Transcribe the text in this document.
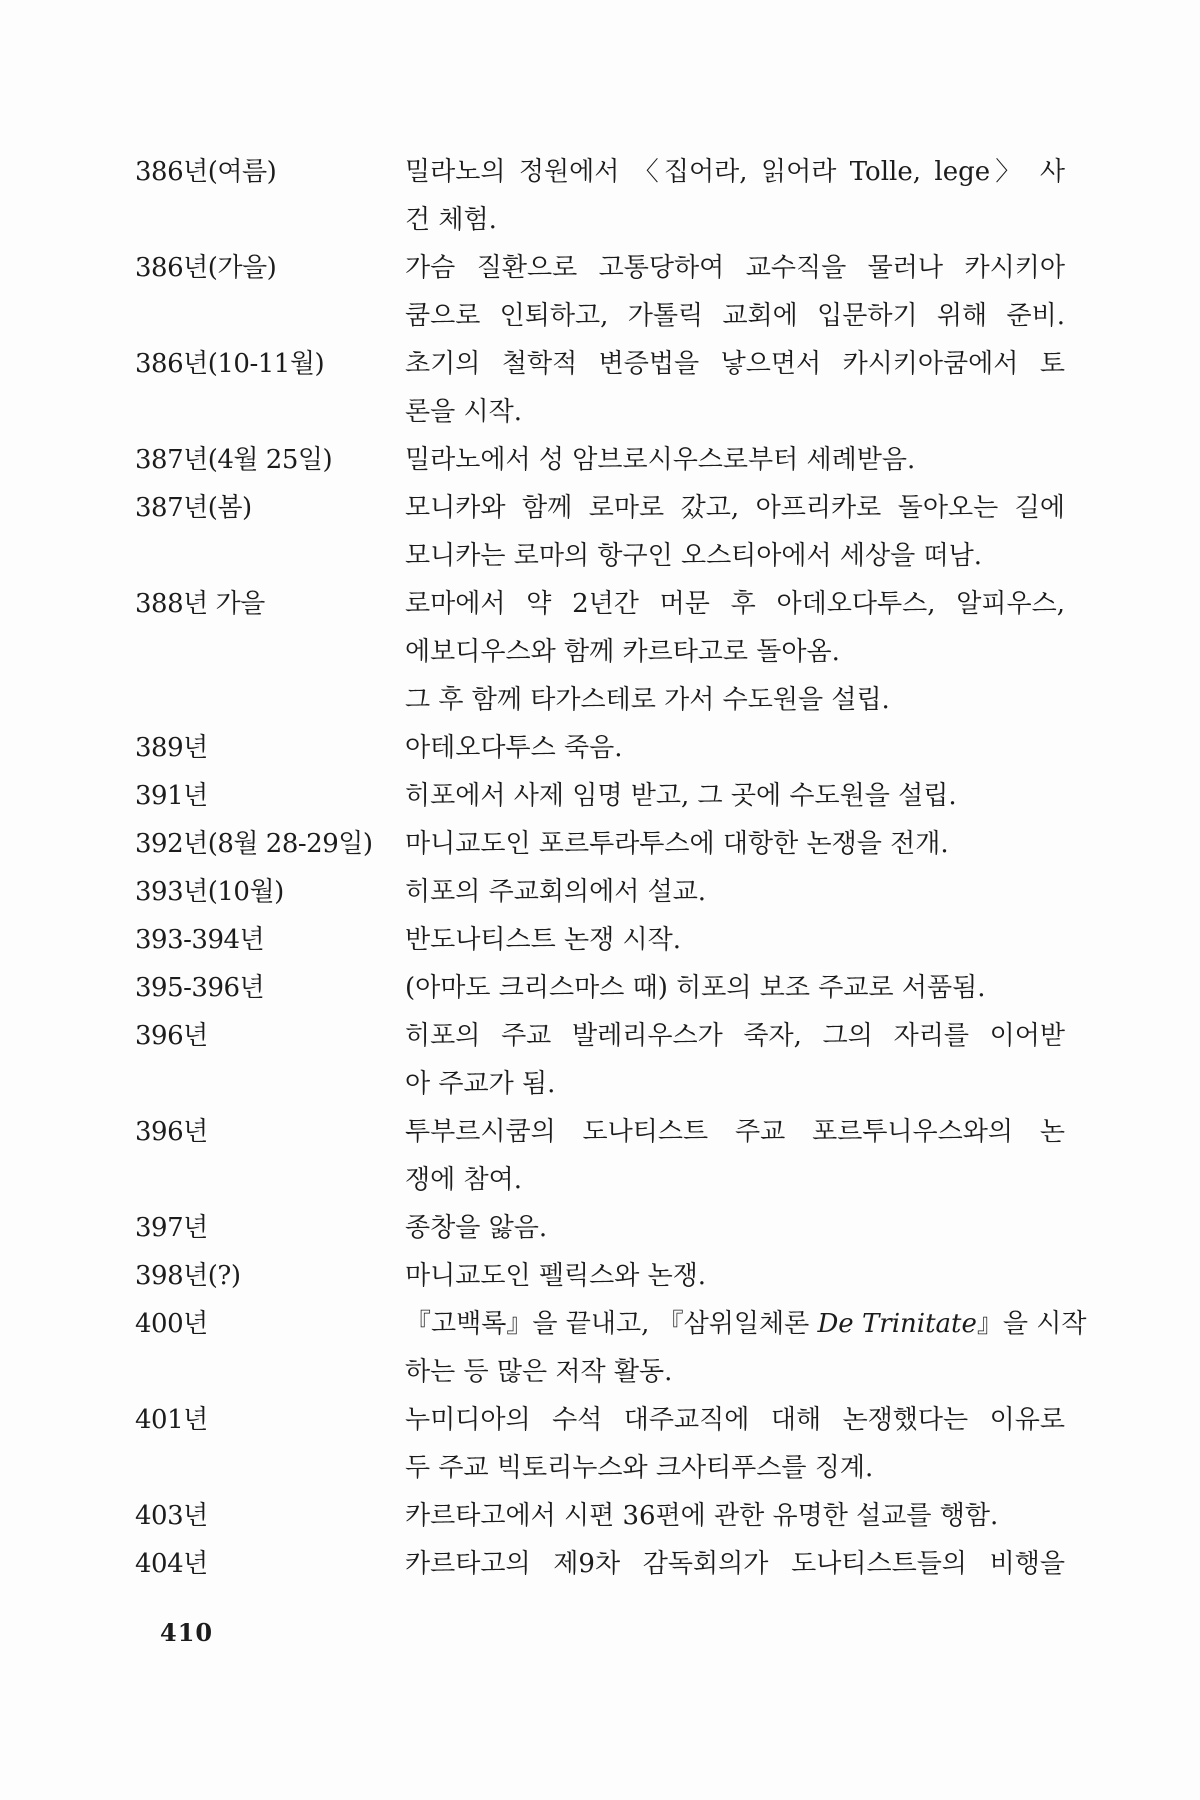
386년(여름)	밀라노의 정원에서 〈집어라, 읽어라 Tolle, lege〉 사
건 체험.
386년(가을)	가슴 질환으로 고통당하여 교수직을 물러나 카시키아
쿰으로 인퇴하고, 가톨릭 교회에 입문하기 위해 준비.
386년(10-11월)	초기의 철학적 변증법을 낳으면서 카시키아쿰에서 토
론을 시작.
387년(4월 25일)	밀라노에서 성 암브로시우스로부터 세례받음.
387년(봄)	모니카와 함께 로마로 갔고, 아프리카로 돌아오는 길에
모니카는 로마의 항구인 오스티아에서 세상을 떠남.
388년 가을	로마에서 약 2년간 머문 후 아데오다투스, 알피우스,
에보디우스와 함께 카르타고로 돌아옴.
그 후 함께 타가스테로 가서 수도원을 설립.
389년	아테오다투스 죽음.
391년	히포에서 사제 임명 받고, 그 곳에 수도원을 설립.
392년(8월 28-29일)	마니교도인 포르투라투스에 대항한 논쟁을 전개.
393년(10월)	히포의 주교회의에서 설교.
393-394년	반도나티스트 논쟁 시작.
395-396년	(아마도 크리스마스 때) 히포의 보조 주교로 서품됨.
396년	히포의 주교 발레리우스가 죽자, 그의 자리를 이어받
아 주교가 됨.
396년	투부르시쿰의 도나티스트 주교 포르투니우스와의 논
쟁에 참여.
397년	종창을 앓음.
398년(?)	마니교도인 펠릭스와 논쟁.
400년	『고백록』을 끝내고, 『삼위일체론 De Trinitate』을 시작
하는 등 많은 저작 활동.
401년	누미디아의 수석 대주교직에 대해 논쟁했다는 이유로
두 주교 빅토리누스와 크사티푸스를 징계.
403년	카르타고에서 시편 36편에 관한 유명한 설교를 행함.
404년	카르타고의 제9차 감독회의가 도나티스트들의 비행을
410
